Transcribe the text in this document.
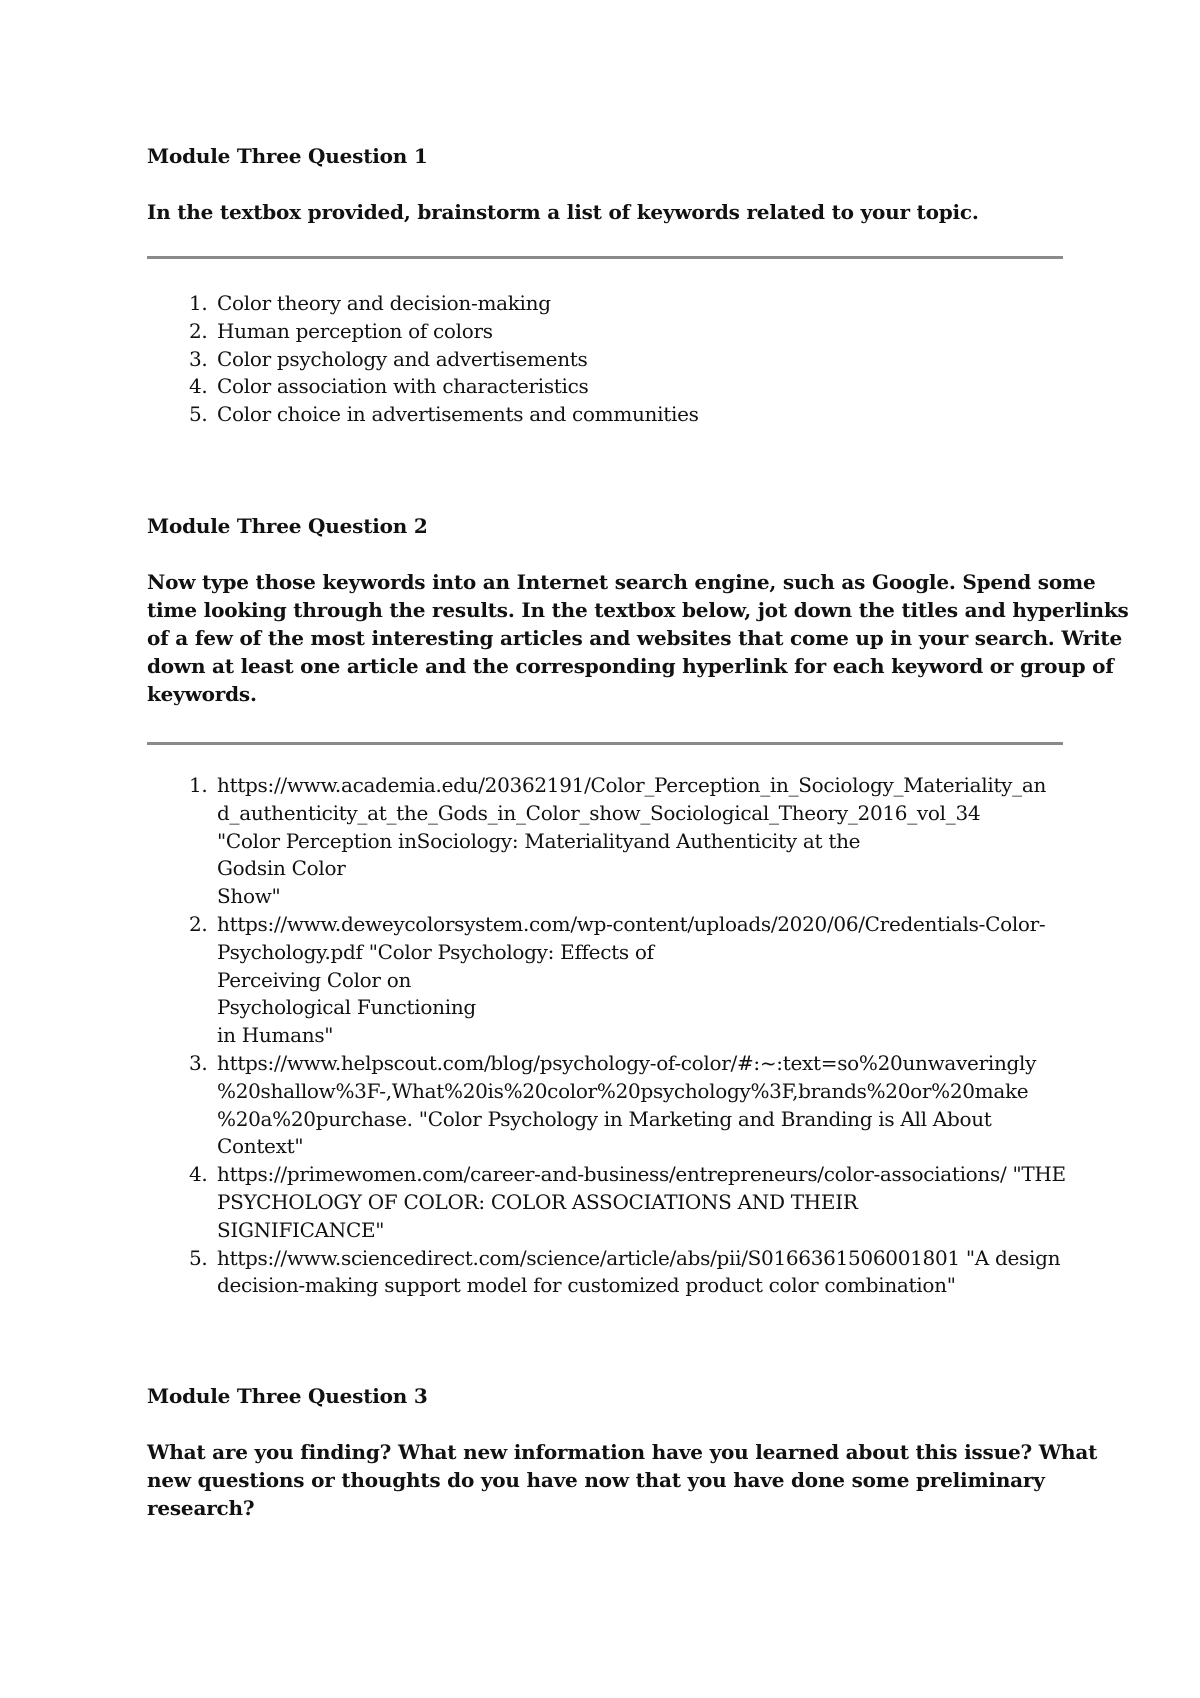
Module Three Question 1

In the textbox provided, brainstorm a list of keywords related to your topic.

1. Color theory and decision-making
2. Human perception of colors
3. Color psychology and advertisements
4. Color association with characteristics
5. Color choice in advertisements and communities

Module Three Question 2

Now type those keywords into an Internet search engine, such as Google. Spend some
time looking through the results. In the textbox below, jot down the titles and hyperlinks
of a few of the most interesting articles and websites that come up in your search. Write
down at least one article and the corresponding hyperlink for each keyword or group of
keywords.
1. https://www.academia.edu/20362191/Color_Perception_in_Sociology_Materiality_an
d_authenticity_at_the_Gods_in_Color_show_Sociological_Theory_2016_vol_34
"Color Perception inSociology: Materialityand Authenticity at the
Godsin Color
Show"
2. https://www.deweycolorsystem.com/wp-content/uploads/2020/06/Credentials-Color-
Psychology.pdf "Color Psychology: Effects of
Perceiving Color on
Psychological Functioning
in Humans"
3. https://www.helpscout.com/blog/psychology-of-color/#:~:text=so%20unwaveringly
%20shallow%3F-,What%20is%20color%20psychology%3F,brands%20or%20make
%20a%20purchase. "Color Psychology in Marketing and Branding is All About
Context"
4. https://primewomen.com/career-and-business/entrepreneurs/color-associations/ "THE
PSYCHOLOGY OF COLOR: COLOR ASSOCIATIONS AND THEIR
SIGNIFICANCE"
5. https://www.sciencedirect.com/science/article/abs/pii/S0166361506001801 "A design
decision-making support model for customized product color combination"

Module Three Question 3

What are you finding? What new information have you learned about this issue? What
new questions or thoughts do you have now that you have done some preliminary
research?
